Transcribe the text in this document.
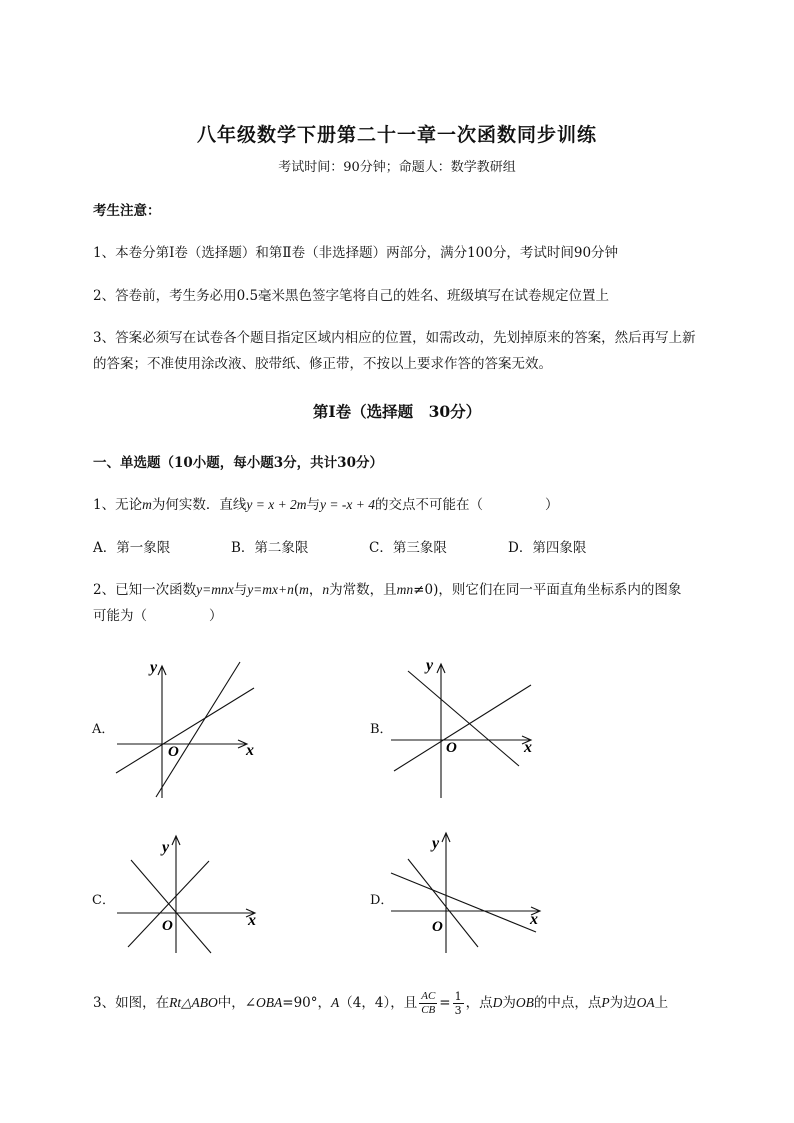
八年级数学下册第二十一章一次函数同步训练
考试时间：90分钟；命题人：数学教研组
考生注意：
1、本卷分第I卷（选择题）和第Ⅱ卷（非选择题）两部分，满分100分，考试时间90分钟
2、答卷前，考生务必用0.5毫米黑色签字笔将自己的姓名、班级填写在试卷规定位置上
3、答案必须写在试卷各个题目指定区域内相应的位置，如需改动，先划掉原来的答案，然后再写上新
的答案；不准使用涂改液、胶带纸、修正带，不按以上要求作答的答案无效。
第I卷（选择题　30分）
一、单选题（10小题，每小题3分，共计30分）
1、无论m为何实数．直线y = x + 2m与y = -x + 4的交点不可能在（	）
A．第一象限	B．第二象限	C．第三象限	D．第四象限
2、已知一次函数y=mnx与y=mx+n(m，n为常数，且mn≠0)，则它们在同一平面直角坐标系内的图象
可能为（	）
A．
y
x
O
B．
y
x
O
C．
y
x
O
D．
y
x
O
3、如图，在Rt△ABO中，∠OBA=90°，A（4，4），且 $\frac{AC}{CB} = \frac{1}{3}$ ，点D为OB的中点，点P为边OA上
